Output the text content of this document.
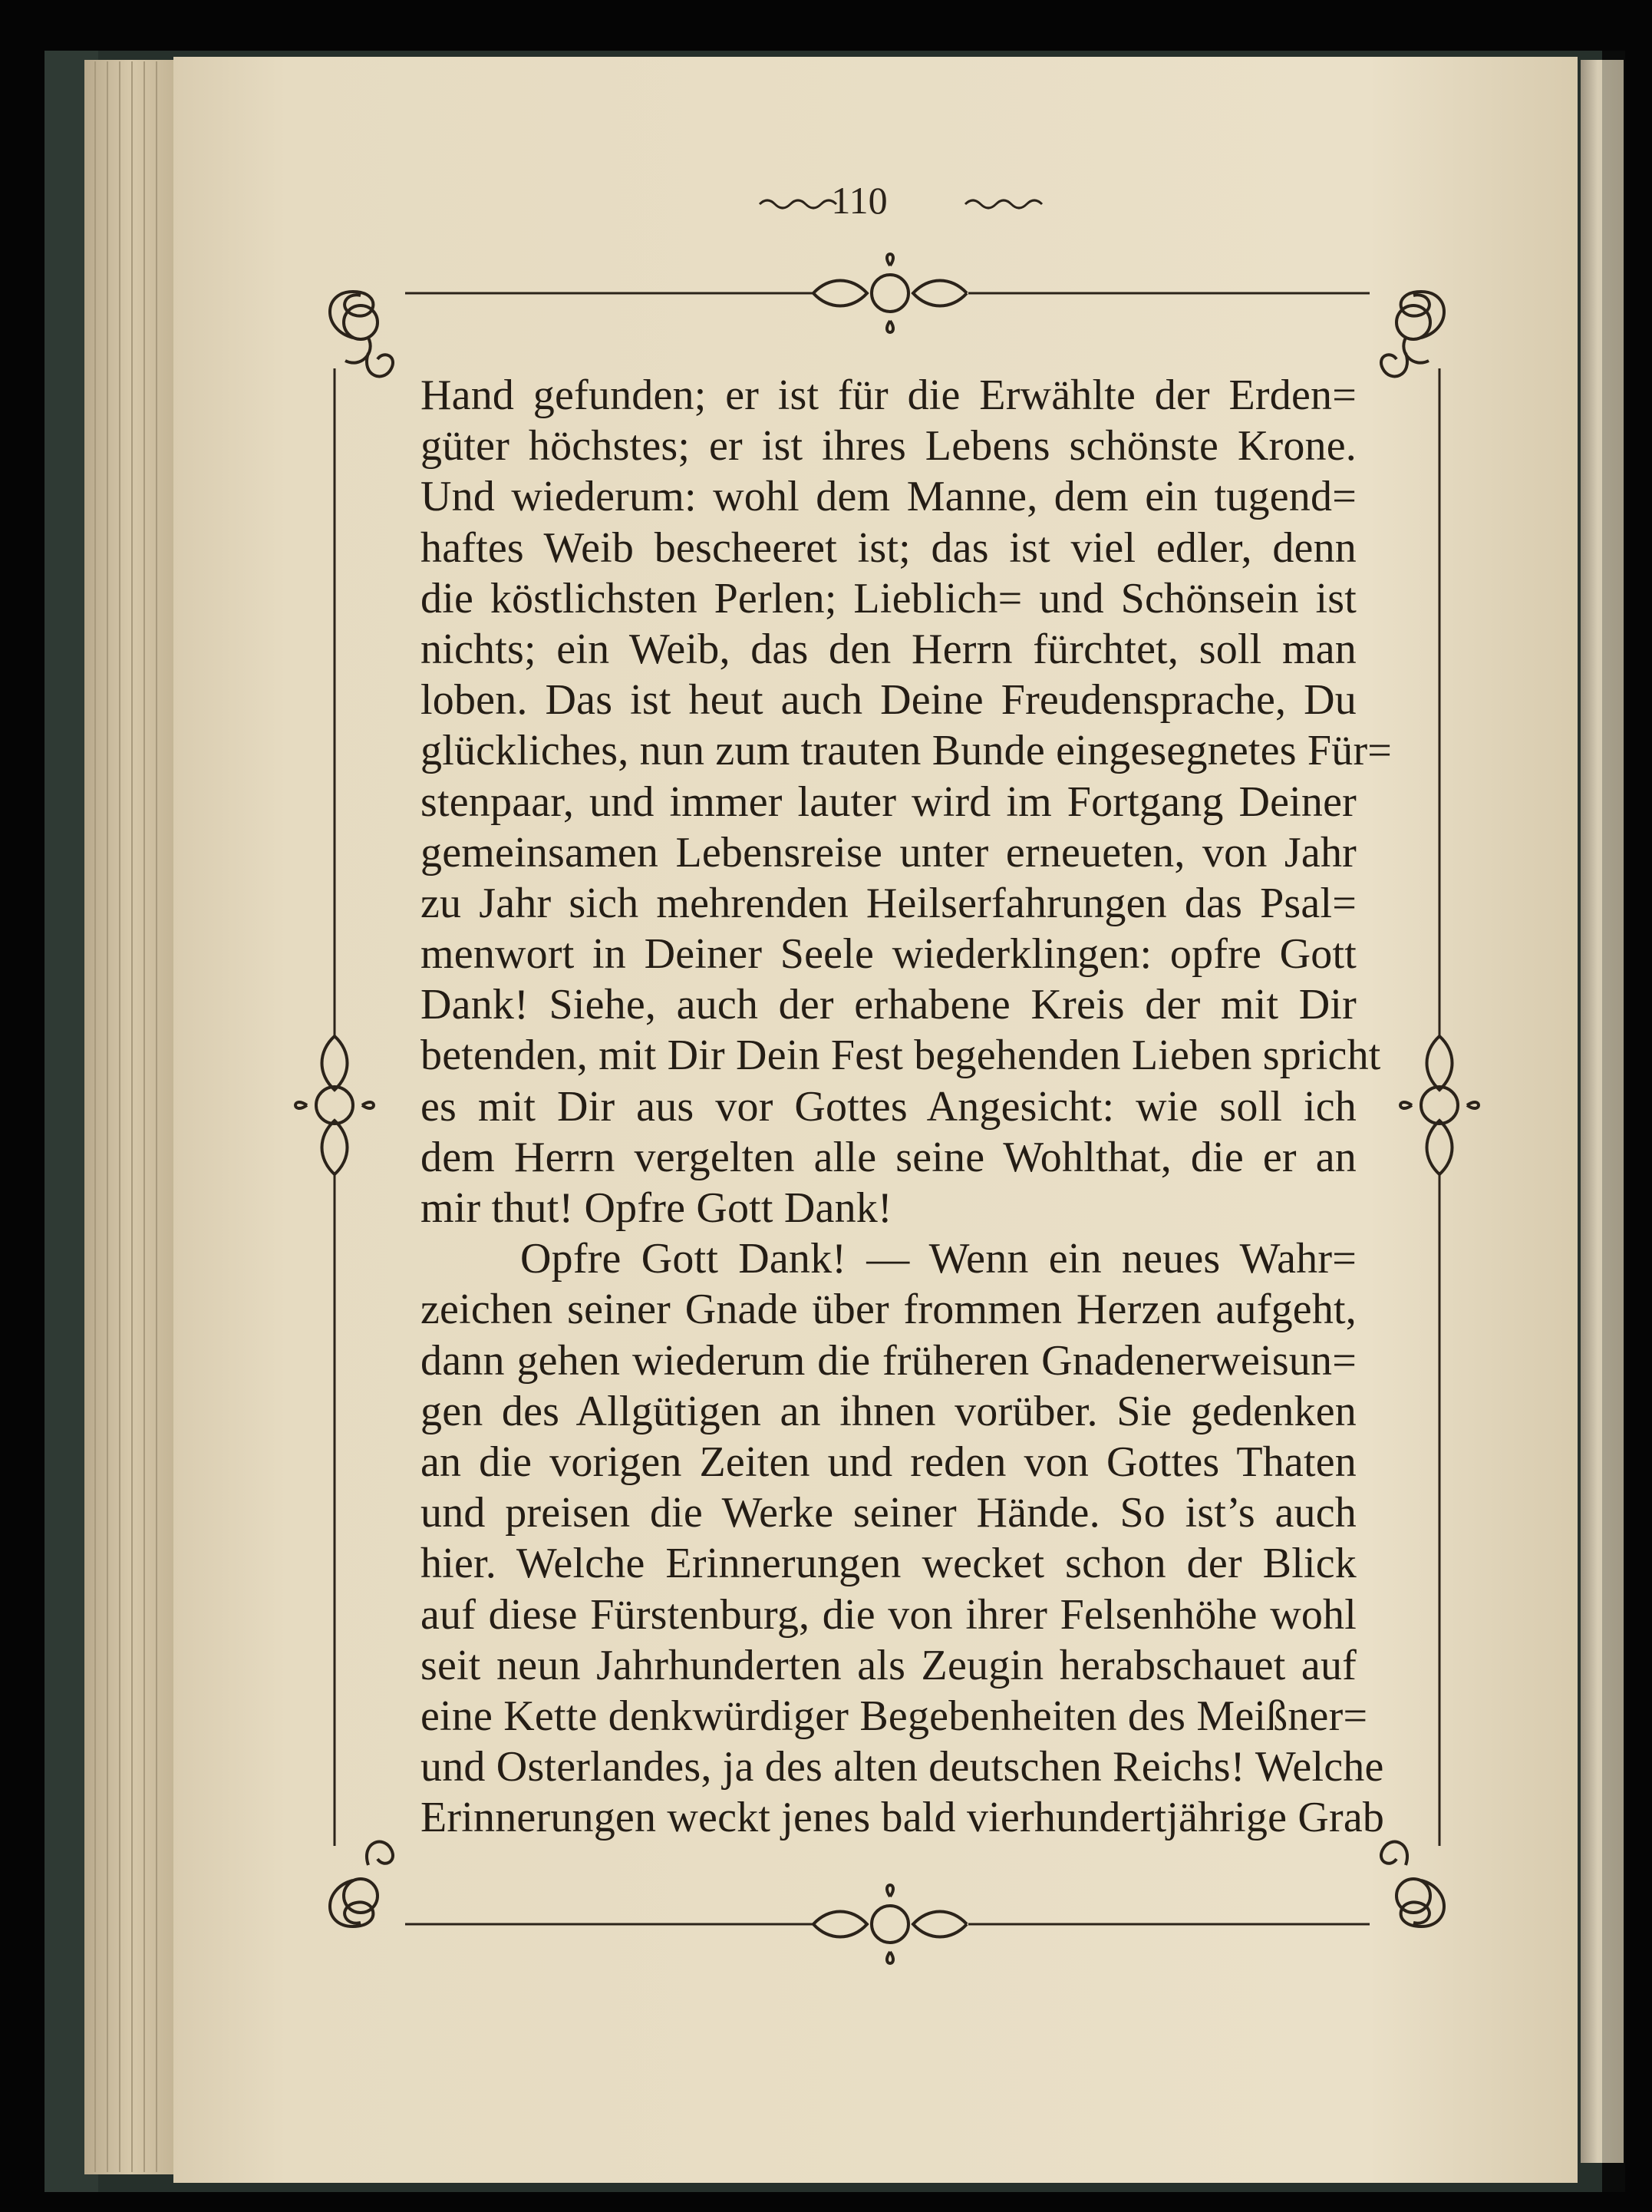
110
Hand gefunden; er ist für die Erwählte der Erden=
güter höchstes; er ist ihres Lebens schönste Krone.
Und wiederum: wohl dem Manne, dem ein tugend=
haftes Weib bescheeret ist; das ist viel edler, denn
die köstlichsten Perlen; Lieblich= und Schönsein ist
nichts; ein Weib, das den Herrn fürchtet, soll man
loben. Das ist heut auch Deine Freudensprache, Du
glückliches, nun zum trauten Bunde eingesegnetes Für=
stenpaar, und immer lauter wird im Fortgang Deiner
gemeinsamen Lebensreise unter erneueten, von Jahr
zu Jahr sich mehrenden Heilserfahrungen das Psal=
menwort in Deiner Seele wiederklingen: opfre Gott
Dank! Siehe, auch der erhabene Kreis der mit Dir
betenden, mit Dir Dein Fest begehenden Lieben spricht
es mit Dir aus vor Gottes Angesicht: wie soll ich
dem Herrn vergelten alle seine Wohlthat, die er an
mir thut! Opfre Gott Dank!
Opfre Gott Dank! — Wenn ein neues Wahr=
zeichen seiner Gnade über frommen Herzen aufgeht,
dann gehen wiederum die früheren Gnadenerweisun=
gen des Allgütigen an ihnen vorüber. Sie gedenken
an die vorigen Zeiten und reden von Gottes Thaten
und preisen die Werke seiner Hände. So ist’s auch
hier. Welche Erinnerungen wecket schon der Blick
auf diese Fürstenburg, die von ihrer Felsenhöhe wohl
seit neun Jahrhunderten als Zeugin herabschauet auf
eine Kette denkwürdiger Begebenheiten des Meißner=
und Osterlandes, ja des alten deutschen Reichs! Welche
Erinnerungen weckt jenes bald vierhundertjährige Grab
